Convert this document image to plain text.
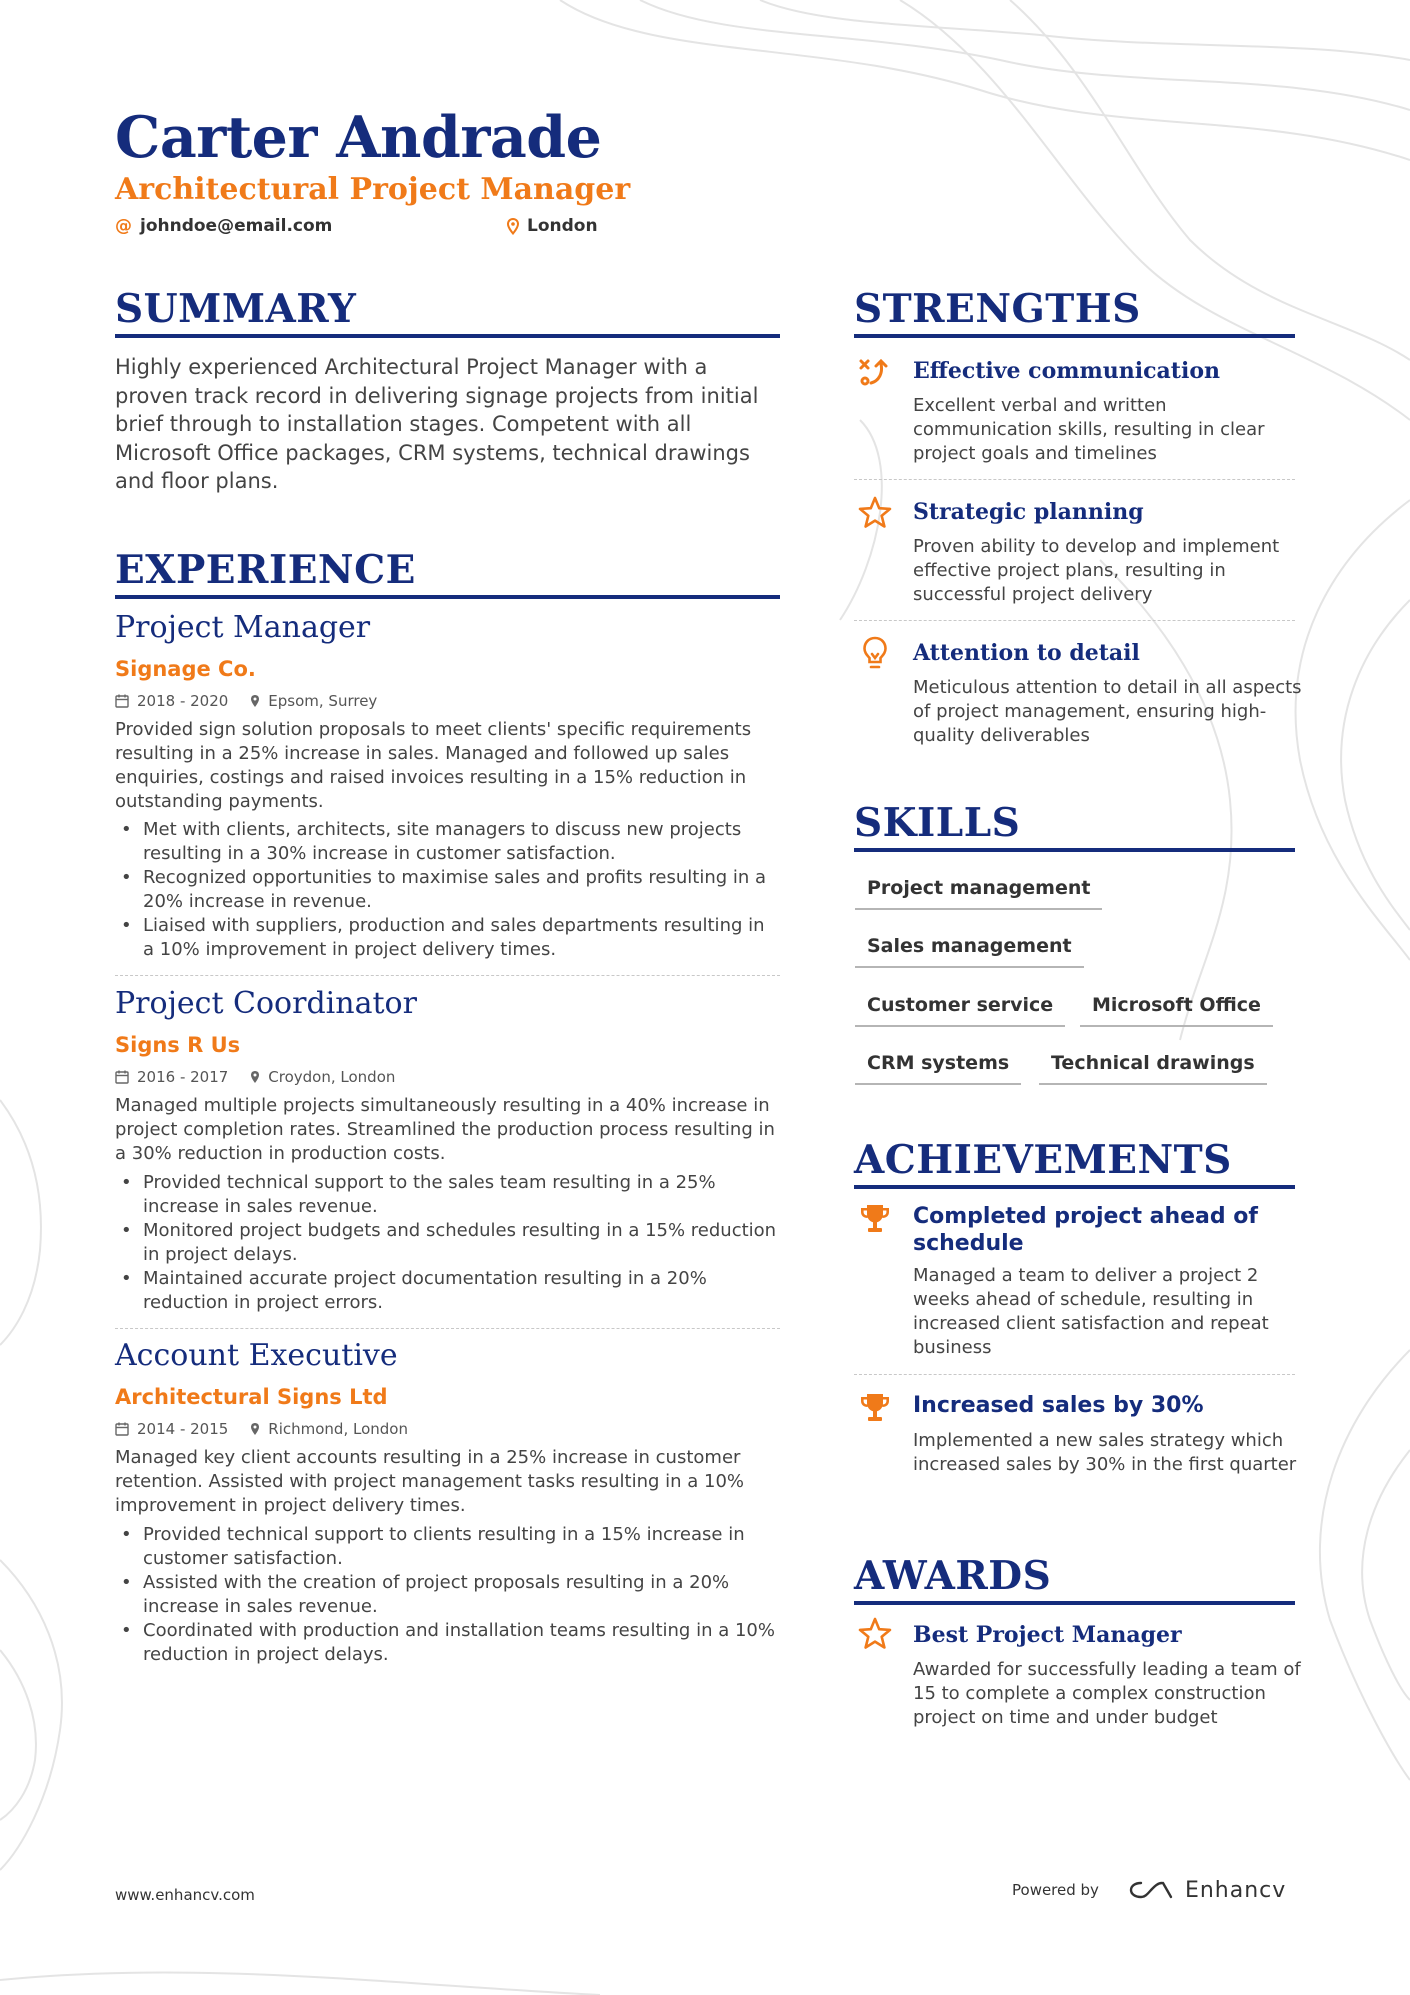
Carter Andrade
Architectural Project Manager
@ johndoe@email.com	London
SUMMARY
Highly experienced Architectural Project Manager with a proven track record in delivering signage projects from initial brief through to installation stages. Competent with all Microsoft Office packages, CRM systems, technical drawings and floor plans.
EXPERIENCE
Project Manager
Signage Co.
2018 - 2020	Epsom, Surrey
Provided sign solution proposals to meet clients' specific requirements resulting in a 25% increase in sales. Managed and followed up sales enquiries, costings and raised invoices resulting in a 15% reduction in outstanding payments.
• Met with clients, architects, site managers to discuss new projects resulting in a 30% increase in customer satisfaction.
• Recognized opportunities to maximise sales and profits resulting in a 20% increase in revenue.
• Liaised with suppliers, production and sales departments resulting in a 10% improvement in project delivery times.
Project Coordinator
Signs R Us
2016 - 2017	Croydon, London
Managed multiple projects simultaneously resulting in a 40% increase in project completion rates. Streamlined the production process resulting in a 30% reduction in production costs.
• Provided technical support to the sales team resulting in a 25% increase in sales revenue.
• Monitored project budgets and schedules resulting in a 15% reduction in project delays.
• Maintained accurate project documentation resulting in a 20% reduction in project errors.
Account Executive
Architectural Signs Ltd
2014 - 2015	Richmond, London
Managed key client accounts resulting in a 25% increase in customer retention. Assisted with project management tasks resulting in a 10% improvement in project delivery times.
• Provided technical support to clients resulting in a 15% increase in customer satisfaction.
• Assisted with the creation of project proposals resulting in a 20% increase in sales revenue.
• Coordinated with production and installation teams resulting in a 10% reduction in project delays.
STRENGTHS
Effective communication
Excellent verbal and written communication skills, resulting in clear project goals and timelines
Strategic planning
Proven ability to develop and implement effective project plans, resulting in successful project delivery
Attention to detail
Meticulous attention to detail in all aspects of project management, ensuring high-quality deliverables
SKILLS
Project management
Sales management
Customer service	Microsoft Office
CRM systems	Technical drawings
ACHIEVEMENTS
Completed project ahead of schedule
Managed a team to deliver a project 2 weeks ahead of schedule, resulting in increased client satisfaction and repeat business
Increased sales by 30%
Implemented a new sales strategy which increased sales by 30% in the first quarter
AWARDS
Best Project Manager
Awarded for successfully leading a team of 15 to complete a complex construction project on time and under budget
www.enhancv.com	Powered by	Enhancv
